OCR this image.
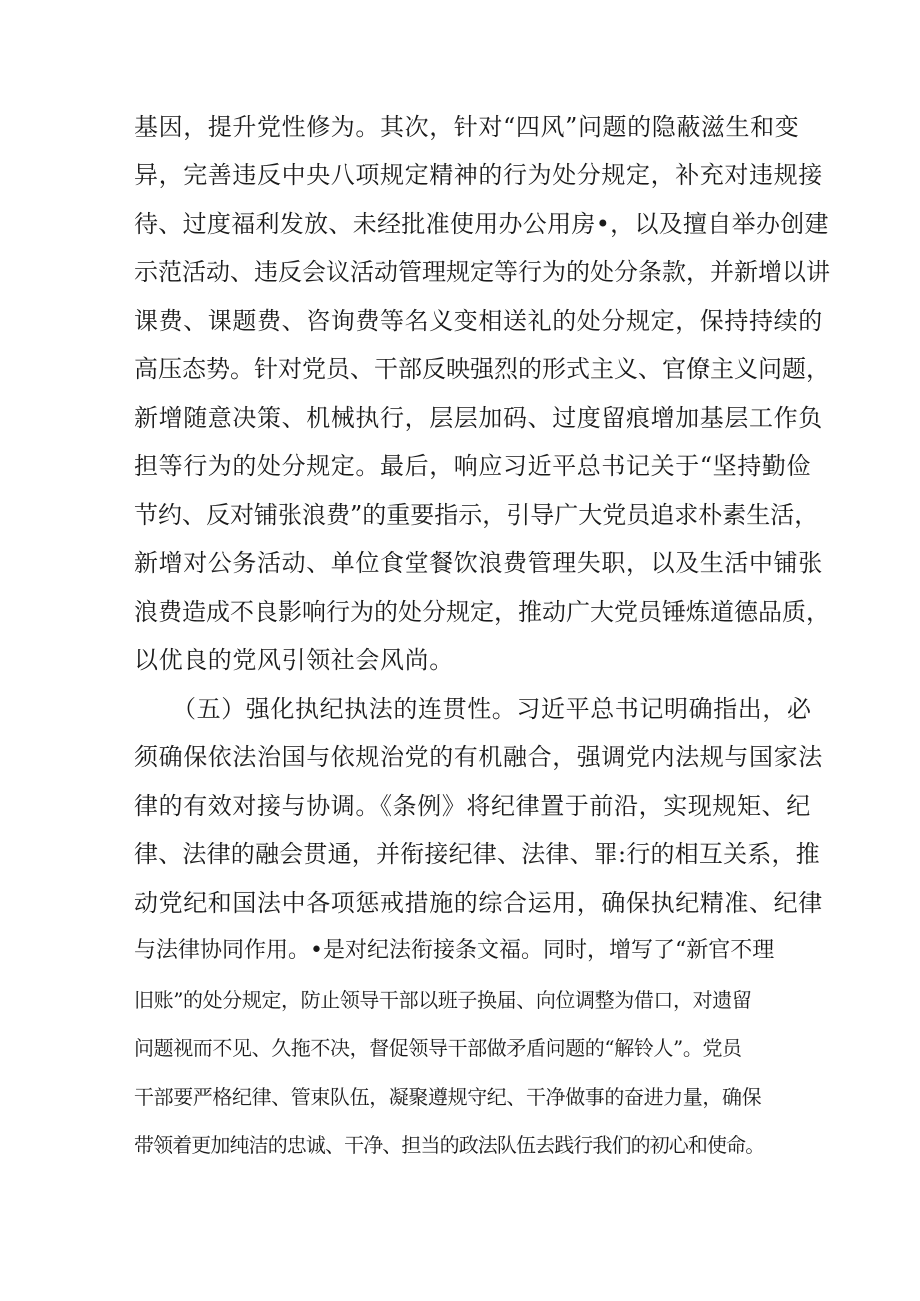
基因，提升党性修为。其次，针对“四风”问题的隐蔽滋生和变
异，完善违反中央八项规定精神的行为处分规定，补充对违规接
待、过度福利发放、未经批准使用办公用房•，以及擅自举办创建
示范活动、违反会议活动管理规定等行为的处分条款，并新增以讲
课费、课题费、咨询费等名义变相送礼的处分规定，保持持续的
高压态势。针对党员、干部反映强烈的形式主义、官僚主义问题，
新增随意决策、机械执行，层层加码、过度留痕增加基层工作负
担等行为的处分规定。最后，响应习近平总书记关于“坚持勤俭
节约、反对铺张浪费”的重要指示，引导广大党员追求朴素生活，
新增对公务活动、单位食堂餐饮浪费管理失职，以及生活中铺张
浪费造成不良影响行为的处分规定，推动广大党员锤炼道德品质，
以优良的党风引领社会风尚。
（五）强化执纪执法的连贯性。习近平总书记明确指出，必
须确保依法治国与依规治党的有机融合，强调党内法规与国家法
律的有效对接与协调。《条例》将纪律置于前沿，实现规矩、纪
律、法律的融会贯通，并衔接纪律、法律、罪:行的相互关系，推
动党纪和国法中各项惩戒措施的综合运用，确保执纪精准、纪律
与法律协同作用。•是对纪法衔接条文福。同时，增写了“新官不理
旧账”的处分规定，防止领导干部以班子换届、向位调整为借口，对遗留
问题视而不见、久拖不决，督促领导干部做矛盾问题的“解铃人”。党员
干部要严格纪律、管束队伍，凝聚遵规守纪、干净做事的奋进力量，确保
带领着更加纯洁的忠诚、干净、担当的政法队伍去践行我们的初心和使命。
